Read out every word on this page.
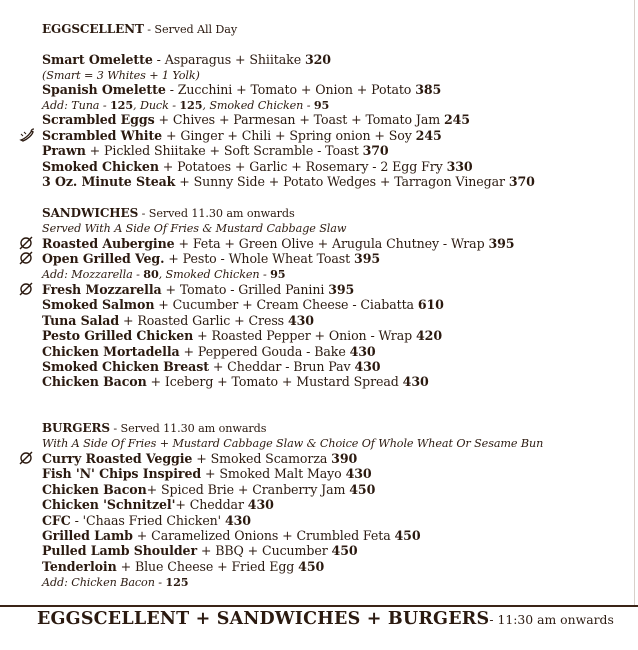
EGGSCELLENT - Served All Day
Smart Omelette - Asparagus + Shiitake 320
(Smart = 3 Whites + 1 Yolk)
Spanish Omelette - Zucchini + Tomato + Onion + Potato 385
Add: Tuna - 125, Duck - 125, Smoked Chicken - 95
Scrambled Eggs + Chives + Parmesan + Toast + Tomato Jam 245
Scrambled White + Ginger + Chili + Spring onion + Soy 245
Prawn + Pickled Shiitake + Soft Scramble - Toast 370
Smoked Chicken + Potatoes + Garlic + Rosemary - 2 Egg Fry 330
3 Oz. Minute Steak + Sunny Side + Potato Wedges + Tarragon Vinegar 370
SANDWICHES - Served 11.30 am onwards
Served With A Side Of Fries & Mustard Cabbage Slaw
Roasted Aubergine + Feta + Green Olive + Arugula Chutney - Wrap 395
Open Grilled Veg. + Pesto - Whole Wheat Toast 395
Add: Mozzarella - 80, Smoked Chicken - 95
Fresh Mozzarella + Tomato - Grilled Panini 395
Smoked Salmon + Cucumber + Cream Cheese - Ciabatta 610
Tuna Salad + Roasted Garlic + Cress 430
Pesto Grilled Chicken + Roasted Pepper + Onion - Wrap 420
Chicken Mortadella + Peppered Gouda - Bake 430
Smoked Chicken Breast + Cheddar - Brun Pav 430
Chicken Bacon + Iceberg + Tomato + Mustard Spread 430
BURGERS - Served 11.30 am onwards
With A Side Of Fries + Mustard Cabbage Slaw & Choice Of Whole Wheat Or Sesame Bun
Curry Roasted Veggie + Smoked Scamorza 390
Fish 'N' Chips Inspired + Smoked Malt Mayo 430
Chicken Bacon+ Spiced Brie + Cranberry Jam 450
Chicken 'Schnitzel'+ Cheddar 430
CFC - 'Chaas Fried Chicken' 430
Grilled Lamb + Caramelized Onions + Crumbled Feta 450
Pulled Lamb Shoulder + BBQ + Cucumber 450
Tenderloin + Blue Cheese + Fried Egg 450
Add: Chicken Bacon - 125
EGGSCELLENT + SANDWICHES + BURGERS- 11:30 am onwards
